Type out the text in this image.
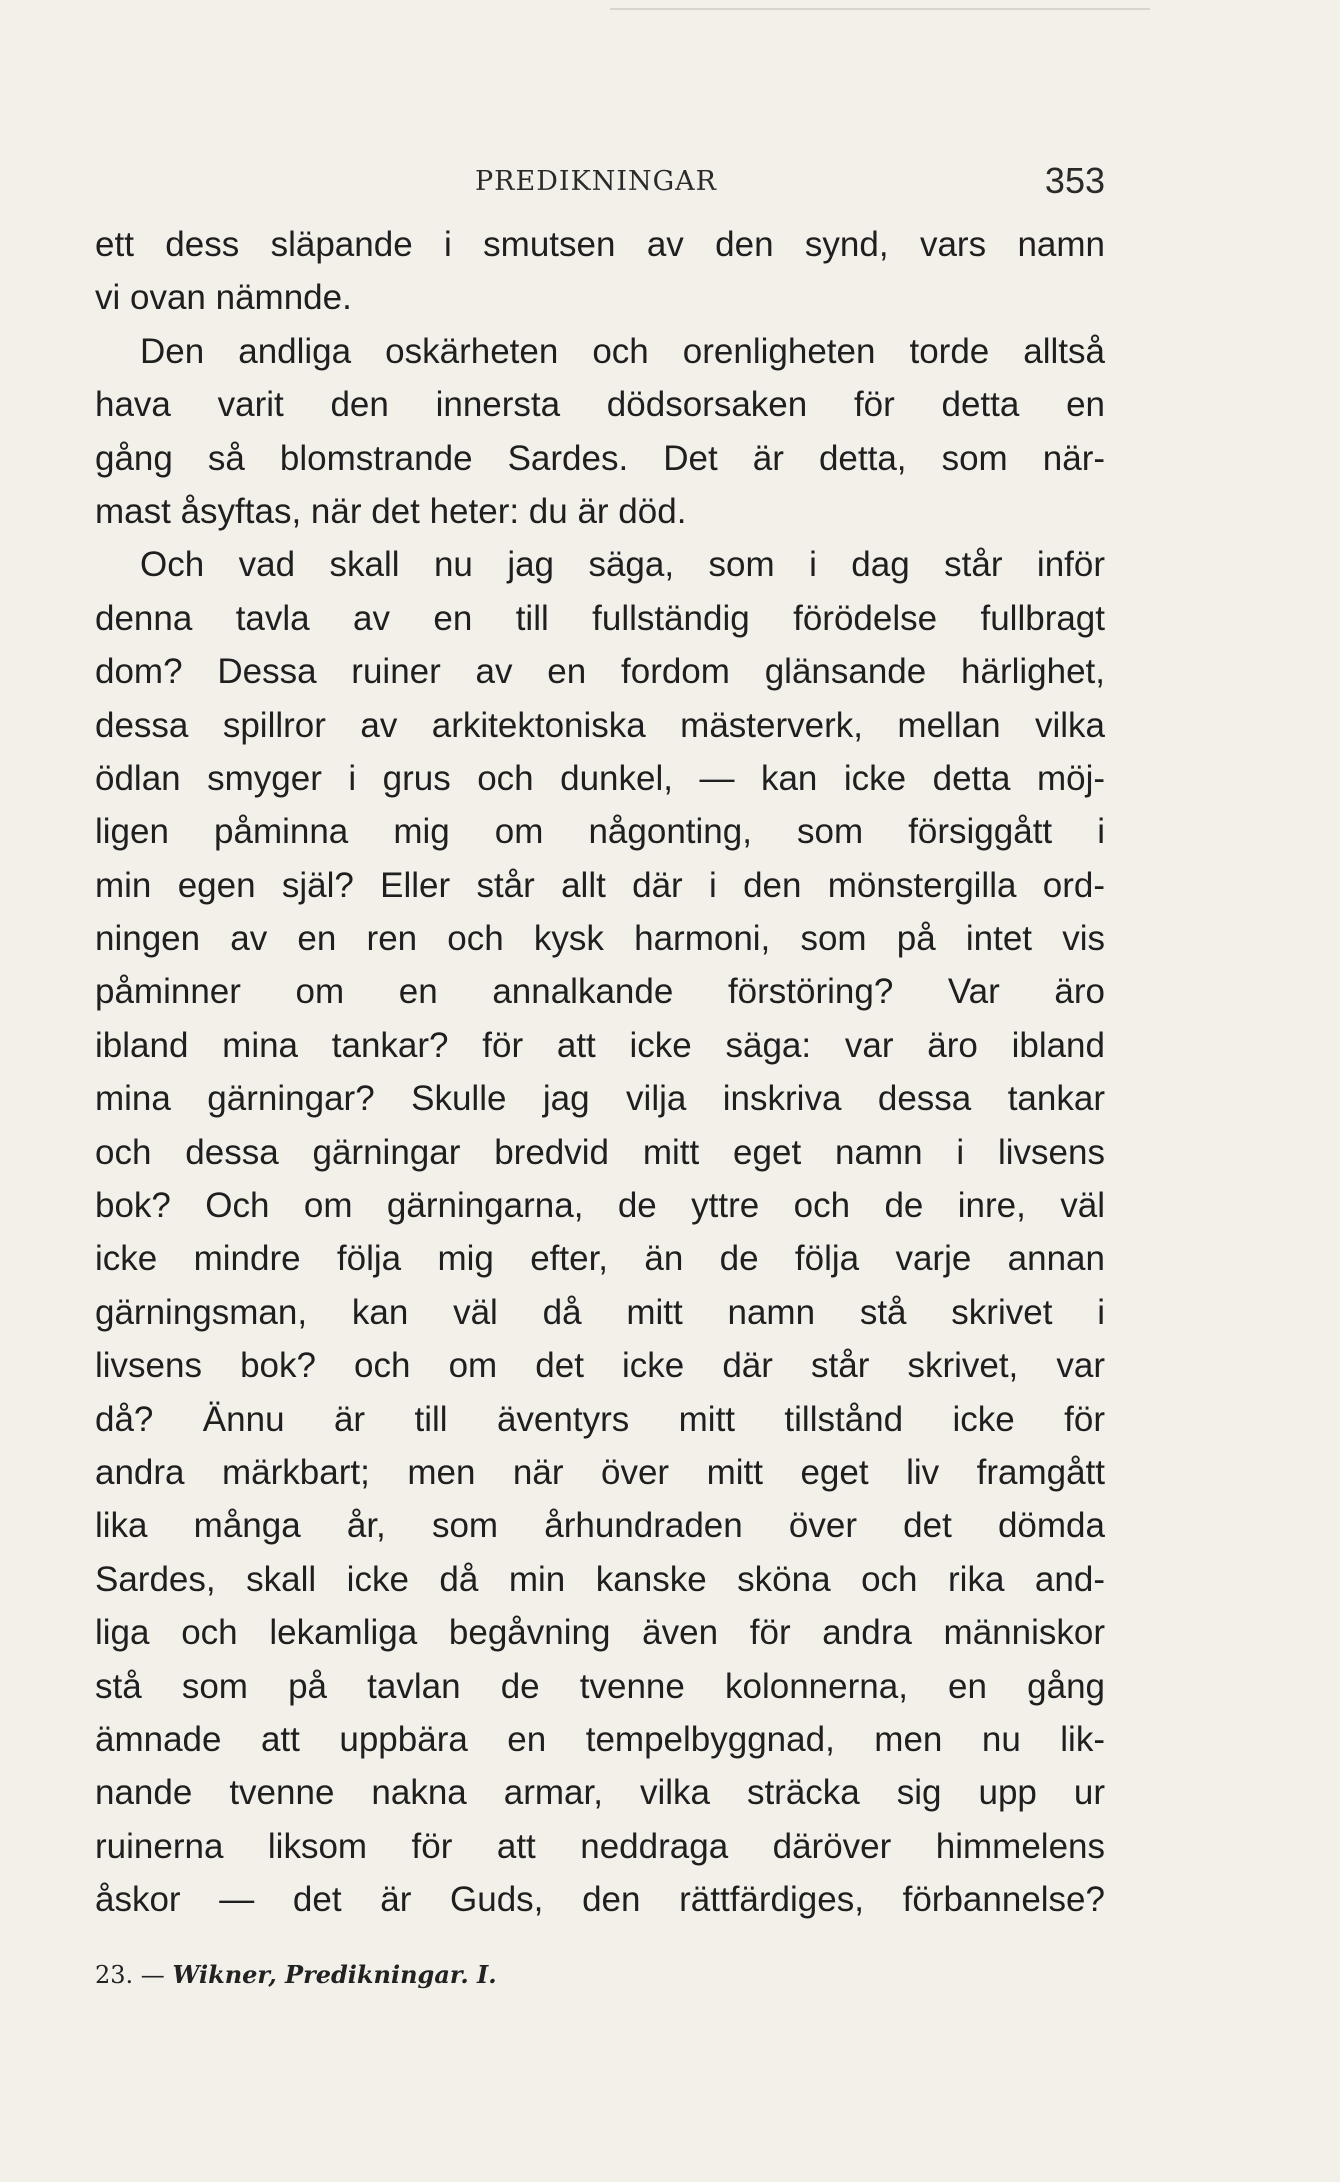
PREDIKNINGAR	353
ett dess släpande i smutsen av den synd, vars namn
vi ovan nämnde.
Den andliga oskärheten och orenligheten torde alltså
hava varit den innersta dödsorsaken för detta en
gång så blomstrande Sardes. Det är detta, som när-
mast åsyftas, när det heter: du är död.
Och vad skall nu jag säga, som i dag står inför
denna tavla av en till fullständig förödelse fullbragt
dom? Dessa ruiner av en fordom glänsande härlighet,
dessa spillror av arkitektoniska mästerverk, mellan vilka
ödlan smyger i grus och dunkel, — kan icke detta möj-
ligen påminna mig om någonting, som försiggått i
min egen själ? Eller står allt där i den mönstergilla ord-
ningen av en ren och kysk harmoni, som på intet vis
påminner om en annalkande förstöring? Var äro
ibland mina tankar? för att icke säga: var äro ibland
mina gärningar? Skulle jag vilja inskriva dessa tankar
och dessa gärningar bredvid mitt eget namn i livsens
bok? Och om gärningarna, de yttre och de inre, väl
icke mindre följa mig efter, än de följa varje annan
gärningsman, kan väl då mitt namn stå skrivet i
livsens bok? och om det icke där står skrivet, var
då? Ännu är till äventyrs mitt tillstånd icke för
andra märkbart; men när över mitt eget liv framgått
lika många år, som århundraden över det dömda
Sardes, skall icke då min kanske sköna och rika and-
liga och lekamliga begåvning även för andra människor
stå som på tavlan de tvenne kolonnerna, en gång
ämnade att uppbära en tempelbyggnad, men nu lik-
nande tvenne nakna armar, vilka sträcka sig upp ur
ruinerna liksom för att neddraga däröver himmelens
åskor — det är Guds, den rättfärdiges, förbannelse?
23. — Wikner, Predikningar. I.
